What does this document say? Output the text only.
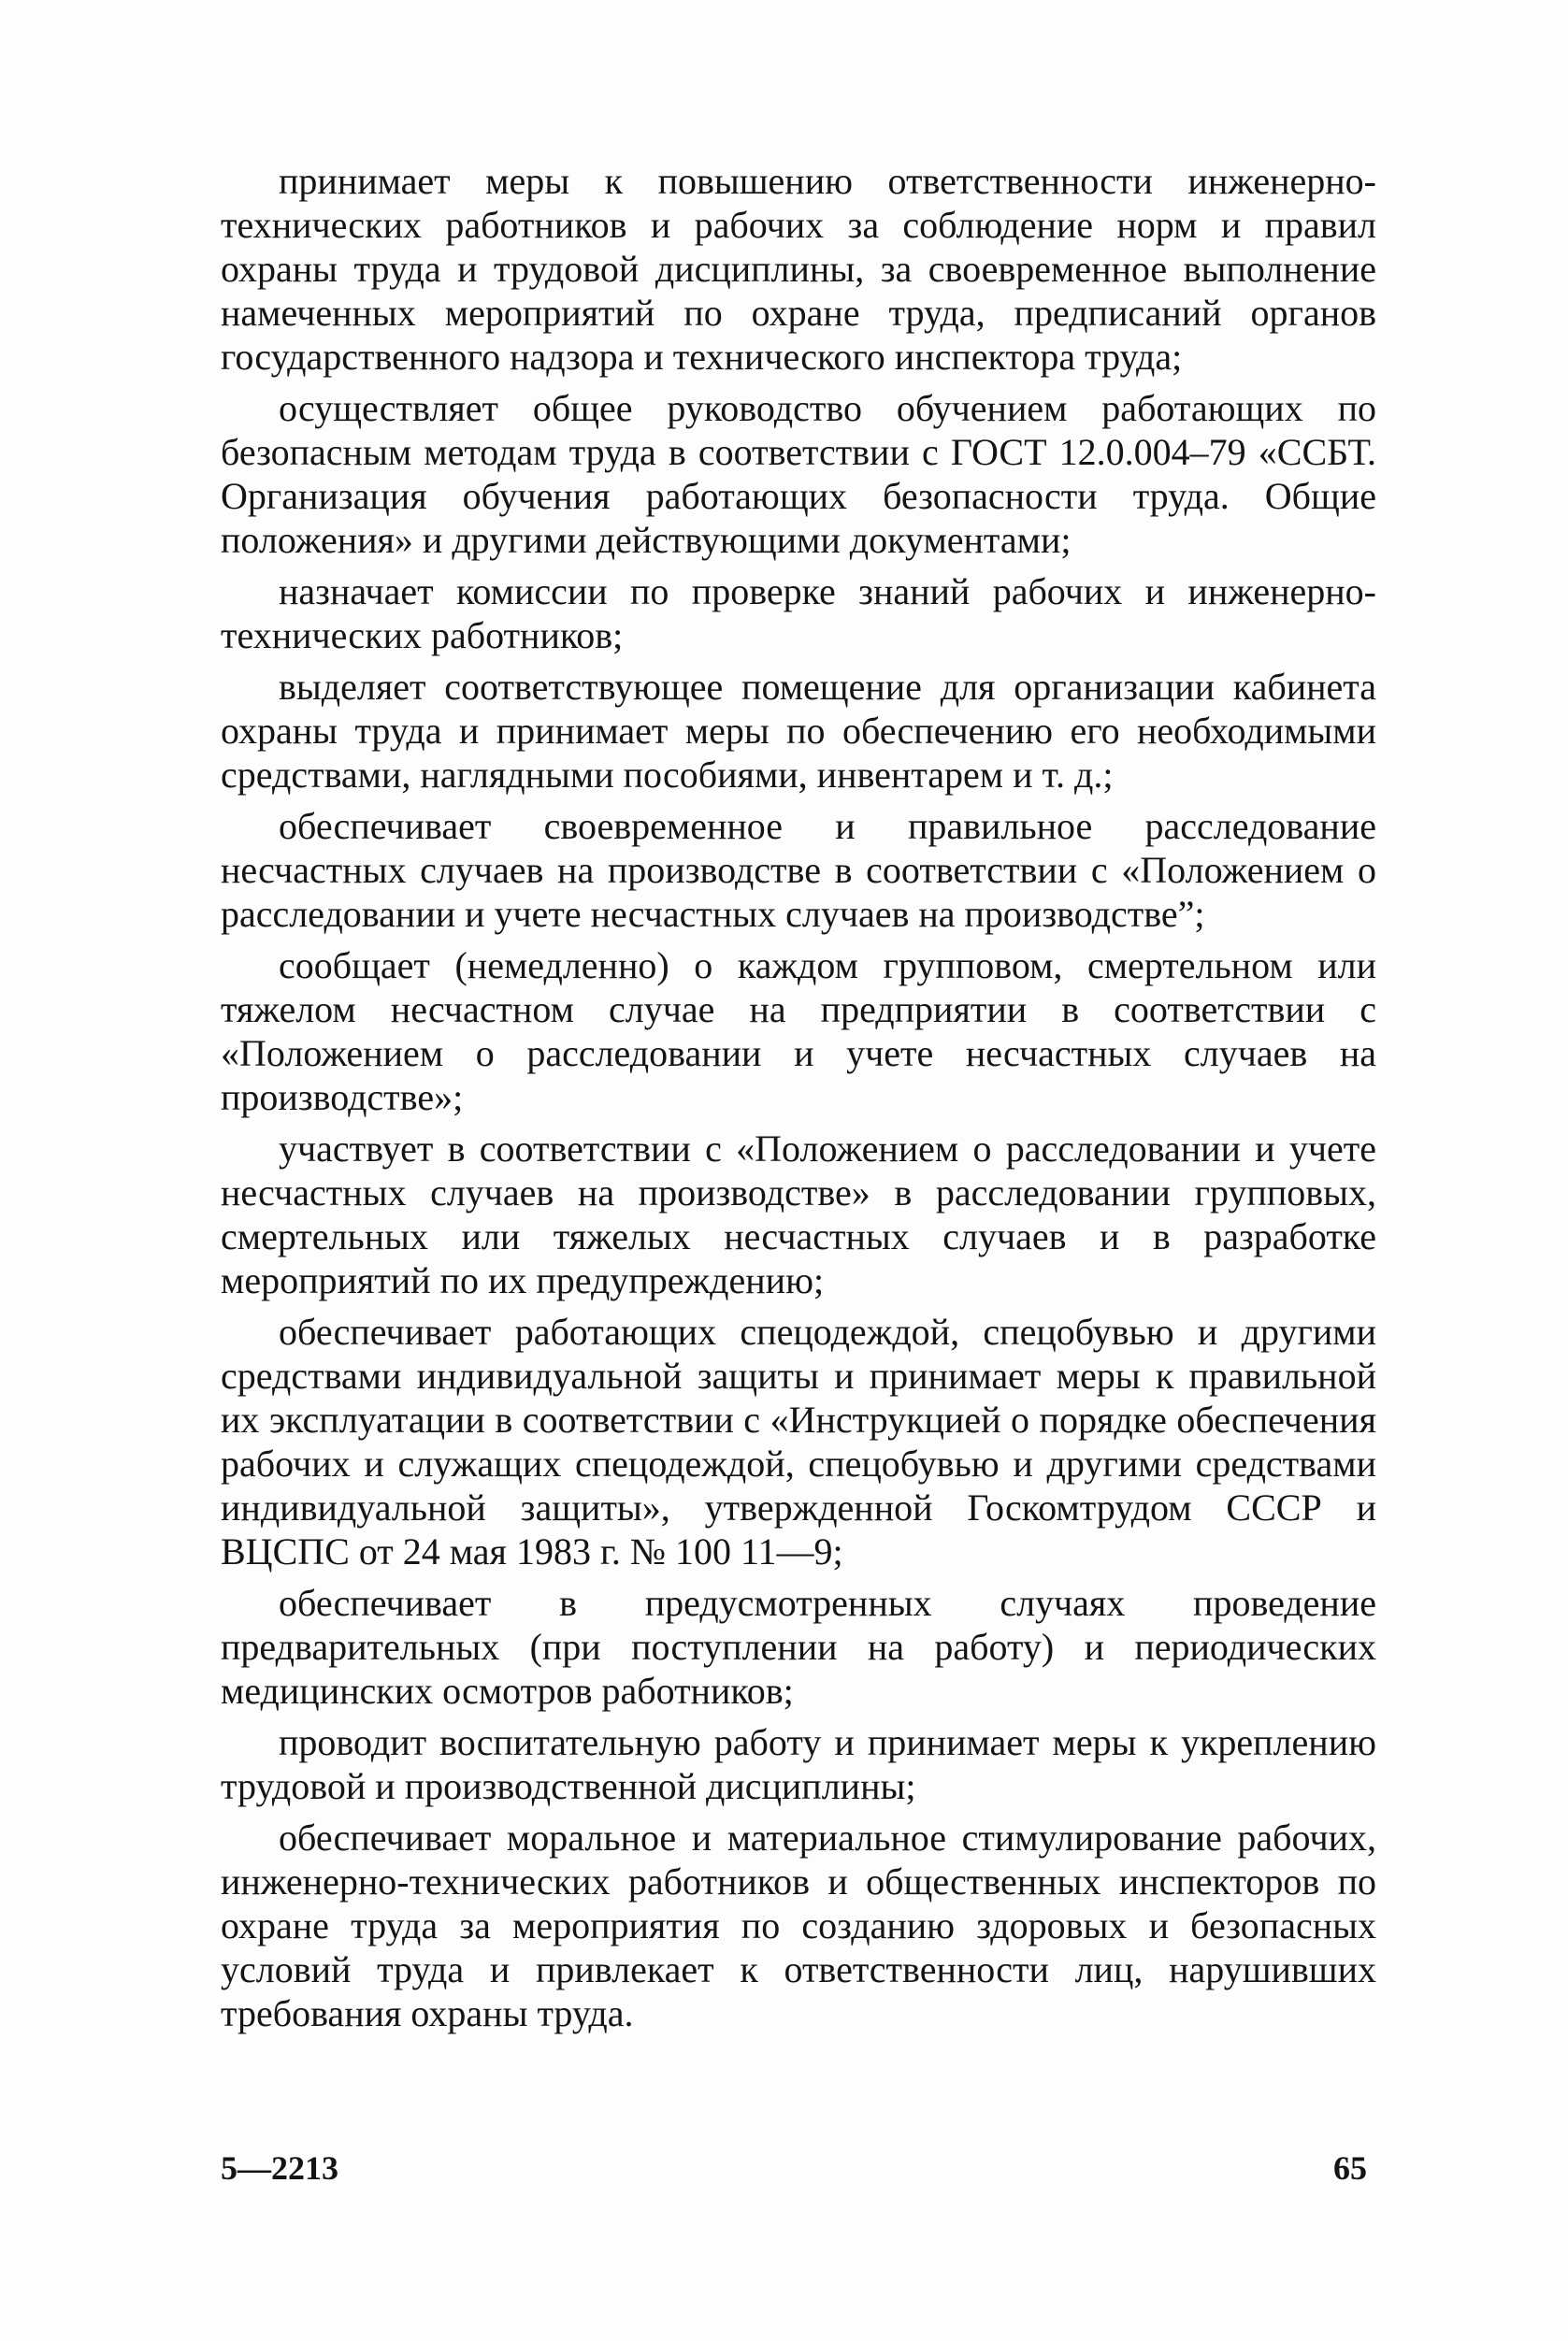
принимает меры к повышению ответственности инженерно-технических работников и рабочих за соблюдение норм и правил охраны труда и трудовой дисциплины, за своевременное выполнение намеченных мероприятий по охране труда, предписаний органов государственного надзора и технического инспектора труда;

осуществляет общее руководство обучением работающих по безопасным методам труда в соответствии с ГОСТ 12.0.004–79 «ССБТ. Организация обучения работающих безопасности труда. Общие положения» и другими действующими документами;

назначает комиссии по проверке знаний рабочих и инженерно-технических работников;

выделяет соответствующее помещение для организации кабинета охраны труда и принимает меры по обеспечению его необходимыми средствами, наглядными пособиями, инвентарем и т. д.;

обеспечивает своевременное и правильное расследование несчастных случаев на производстве в соответствии с «Положением о расследовании и учете несчастных случаев на производстве”;

сообщает (немедленно) о каждом групповом, смертельном или тяжелом несчастном случае на предприятии в соответствии с «Положением о расследовании и учете несчастных случаев на производстве»;

участвует в соответствии с «Положением о расследовании и учете несчастных случаев на производстве» в расследовании групповых, смертельных или тяжелых несчастных случаев и в разработке мероприятий по их предупреждению;

обеспечивает работающих спецодеждой, спецобувью и другими средствами индивидуальной защиты и принимает меры к правильной их эксплуатации в соответствии с «Инструкцией о порядке обеспечения рабочих и служащих спецодеждой, спецобувью и другими средствами индивидуальной защиты», утвержденной Госкомтрудом СССР и ВЦСПС от 24 мая 1983 г. № 100 11—9;

обеспечивает в предусмотренных случаях проведение предварительных (при поступлении на работу) и периодических медицинских осмотров работников;

проводит воспитательную работу и принимает меры к укреплению трудовой и производственной дисциплины;

обеспечивает моральное и материальное стимулирование рабочих, инженерно-технических работников и общественных инспекторов по охране труда за мероприятия по созданию здоровых и безопасных условий труда и привлекает к ответственности лиц, нарушивших требования охраны труда.

5—2213	65
